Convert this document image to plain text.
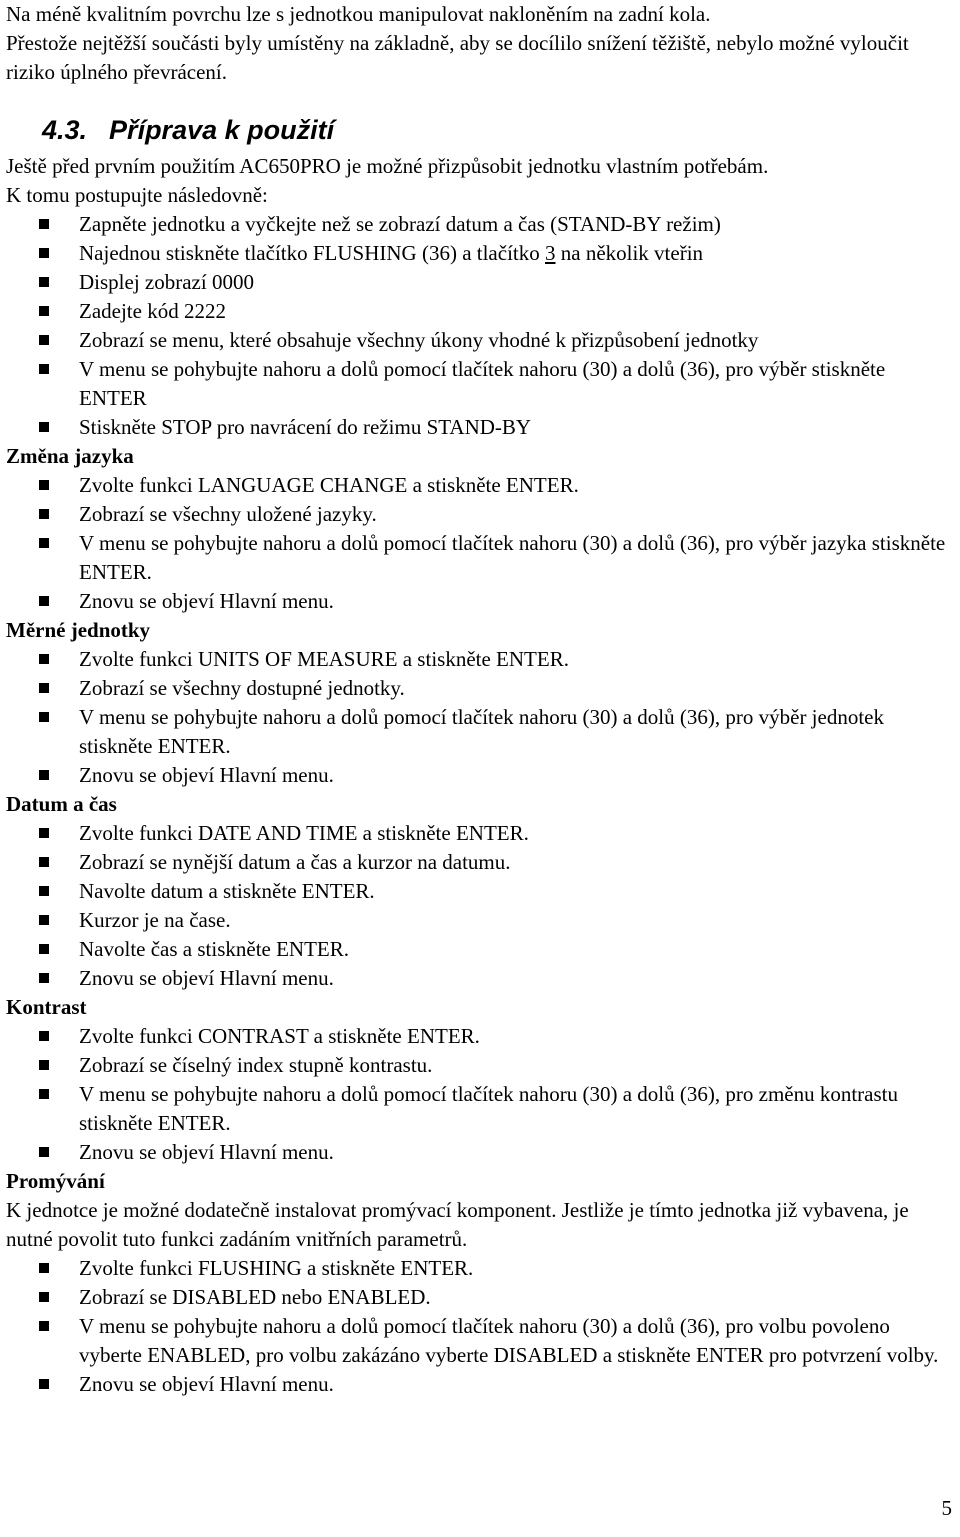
Na méně kvalitním povrchu lze s jednotkou manipulovat nakloněním na zadní kola.

Přestože nejtěžší součásti byly umístěny na základně, aby se docílilo snížení těžiště, nebylo možné vyloučit riziko úplného převrácení.

4.3. Příprava k použití

Ještě před prvním použitím AC650PRO je možné přizpůsobit jednotku vlastním potřebám.

K tomu postupujte následovně:

Zapněte jednotku a vyčkejte než se zobrazí datum a čas (STAND-BY režim)
Najednou stiskněte tlačítko FLUSHING (36) a tlačítko 3 na několik vteřin
Displej zobrazí 0000
Zadejte kód 2222
Zobrazí se menu, které obsahuje všechny úkony vhodné k přizpůsobení jednotky
V menu se pohybujte nahoru a dolů pomocí tlačítek nahoru (30) a dolů (36), pro výběr stiskněte ENTER
Stiskněte STOP pro navrácení do režimu STAND-BY

Změna jazyka

Zvolte funkci LANGUAGE CHANGE a stiskněte ENTER.
Zobrazí se všechny uložené jazyky.
V menu se pohybujte nahoru a dolů pomocí tlačítek nahoru (30) a dolů (36), pro výběr jazyka stiskněte ENTER.
Znovu se objeví Hlavní menu.

Měrné jednotky

Zvolte funkci UNITS OF MEASURE a stiskněte ENTER.
Zobrazí se všechny dostupné jednotky.
V menu se pohybujte nahoru a dolů pomocí tlačítek nahoru (30) a dolů (36), pro výběr jednotek stiskněte ENTER.
Znovu se objeví Hlavní menu.

Datum a čas

Zvolte funkci DATE AND TIME a stiskněte ENTER.
Zobrazí se nynější datum a čas a kurzor na datumu.
Navolte datum a stiskněte ENTER.
Kurzor je na čase.
Navolte čas a stiskněte ENTER.
Znovu se objeví Hlavní menu.

Kontrast

Zvolte funkci CONTRAST a stiskněte ENTER.
Zobrazí se číselný index stupně kontrastu.
V menu se pohybujte nahoru a dolů pomocí tlačítek nahoru (30) a dolů (36), pro změnu kontrastu stiskněte ENTER.
Znovu se objeví Hlavní menu.

Promývání

K jednotce je možné dodatečně instalovat promývací komponent. Jestliže je tímto jednotka již vybavena, je nutné povolit tuto funkci zadáním vnitřních parametrů.

Zvolte funkci FLUSHING a stiskněte ENTER.
Zobrazí se DISABLED nebo ENABLED.
V menu se pohybujte nahoru a dolů pomocí tlačítek nahoru (30) a dolů (36), pro volbu povoleno vyberte ENABLED, pro volbu zakázáno vyberte DISABLED a stiskněte ENTER pro potvrzení volby.
Znovu se objeví Hlavní menu.
5
